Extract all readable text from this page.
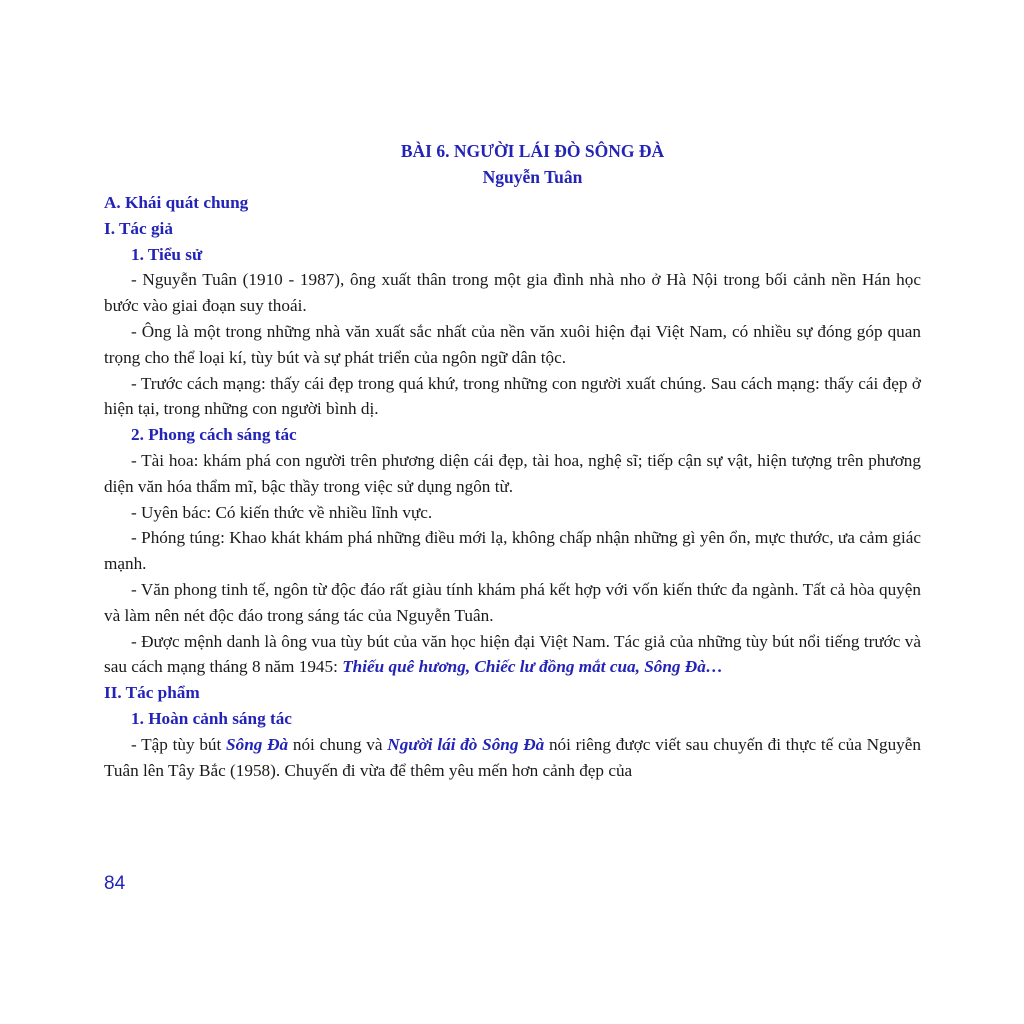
BÀI 6. NGƯỜI LÁI ĐÒ SÔNG ĐÀ
Nguyễn Tuân
A. Khái quát chung
I. Tác giả
1. Tiểu sử
- Nguyễn Tuân (1910 - 1987), ông xuất thân trong một gia đình nhà nho ở Hà Nội trong bối cảnh nền Hán học bước vào giai đoạn suy thoái.
- Ông là một trong những nhà văn xuất sắc nhất của nền văn xuôi hiện đại Việt Nam, có nhiều sự đóng góp quan trọng cho thể loại kí, tùy bút và sự phát triển của ngôn ngữ dân tộc.
- Trước cách mạng: thấy cái đẹp trong quá khứ, trong những con người xuất chúng. Sau cách mạng: thấy cái đẹp ở hiện tại, trong những con người bình dị.
2. Phong cách sáng tác
- Tài hoa: khám phá con người trên phương diện cái đẹp, tài hoa, nghệ sĩ; tiếp cận sự vật, hiện tượng trên phương diện văn hóa thẩm mĩ, bậc thầy trong việc sử dụng ngôn từ.
- Uyên bác: Có kiến thức về nhiều lĩnh vực.
- Phóng túng: Khao khát khám phá những điều mới lạ, không chấp nhận những gì yên ổn, mực thước, ưa cảm giác mạnh.
- Văn phong tinh tế, ngôn từ độc đáo rất giàu tính khám phá kết hợp với vốn kiến thức đa ngành. Tất cả hòa quyện và làm nên nét độc đáo trong sáng tác của Nguyễn Tuân.
- Được mệnh danh là ông vua tùy bút của văn học hiện đại Việt Nam. Tác giả của những tùy bút nổi tiếng trước và sau cách mạng tháng 8 năm 1945: Thiếu quê hương, Chiếc lư đồng mắt cua, Sông Đà…
II. Tác phẩm
1. Hoàn cảnh sáng tác
- Tập tùy bút Sông Đà nói chung và Người lái đò Sông Đà nói riêng được viết sau chuyến đi thực tế của Nguyễn Tuân lên Tây Bắc (1958). Chuyến đi vừa để thêm yêu mến hơn cảnh đẹp của
84
